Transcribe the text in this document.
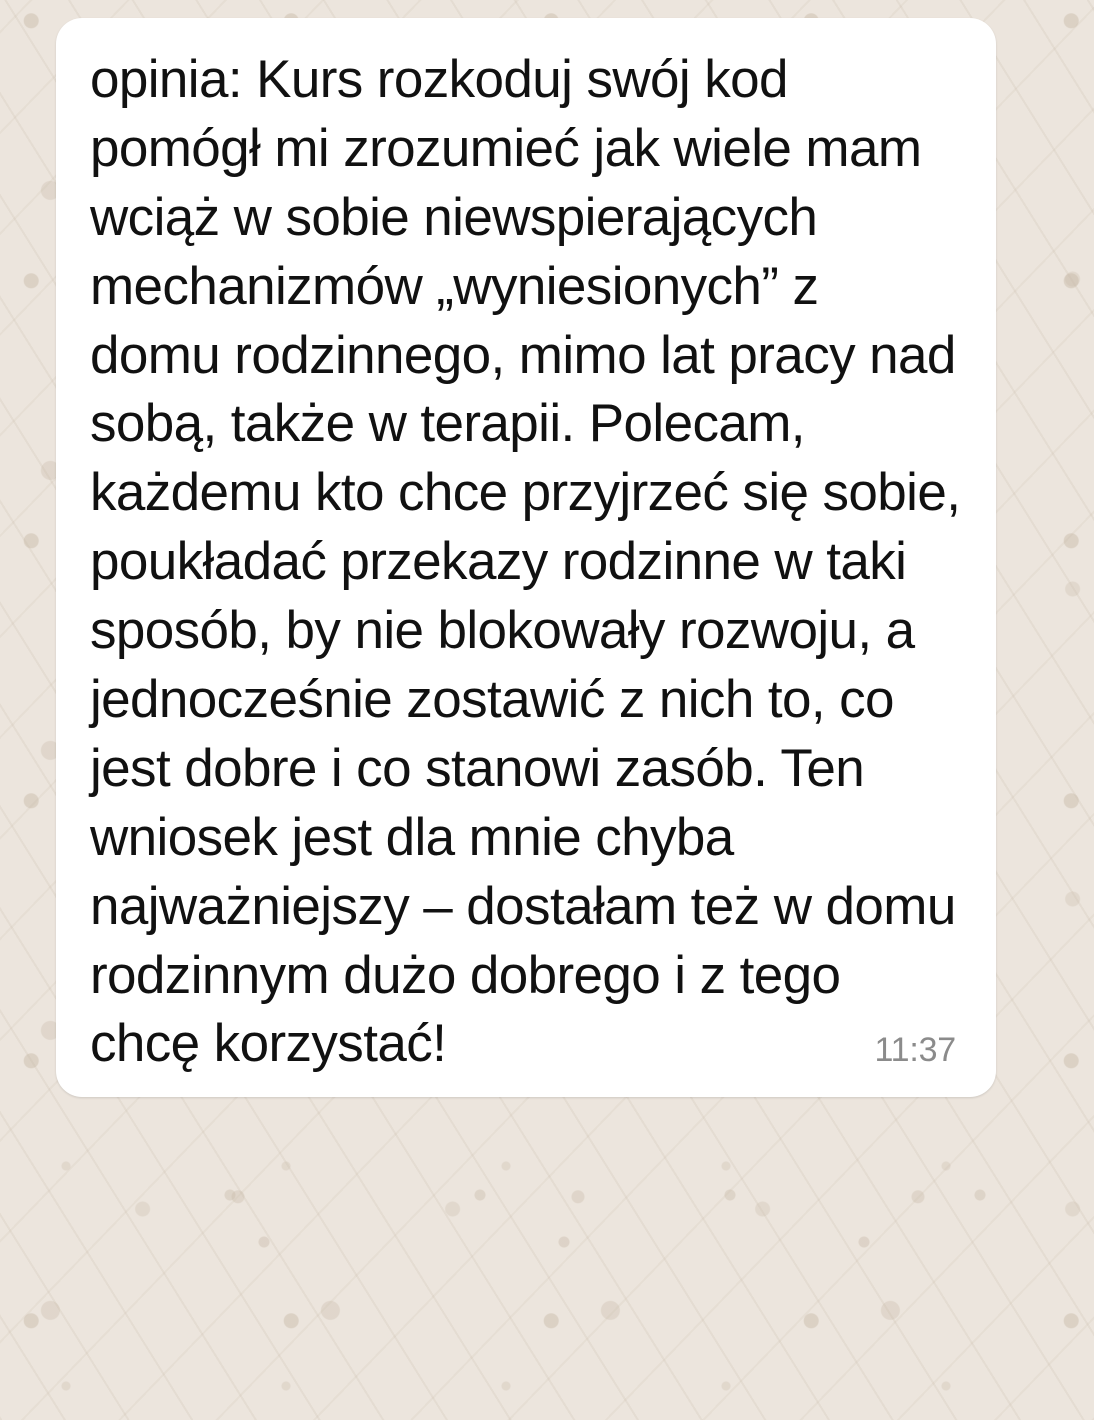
opinia: Kurs rozkoduj swój kod pomógł mi zrozumieć jak wiele mam wciąż w sobie niewspierających mechanizmów „wyniesionych” z domu rodzinnego, mimo lat pracy nad sobą, także w terapii. Polecam, każdemu kto chce przyjrzeć się sobie, poukładać przekazy rodzinne w taki sposób, by nie blokowały rozwoju, a jednocześnie zostawić z nich to, co jest dobre i co stanowi zasób. Ten wniosek jest dla mnie chyba najważniejszy – dostałam też w domu rodzinnym dużo dobrego i z tego chcę korzystać!	11:37
